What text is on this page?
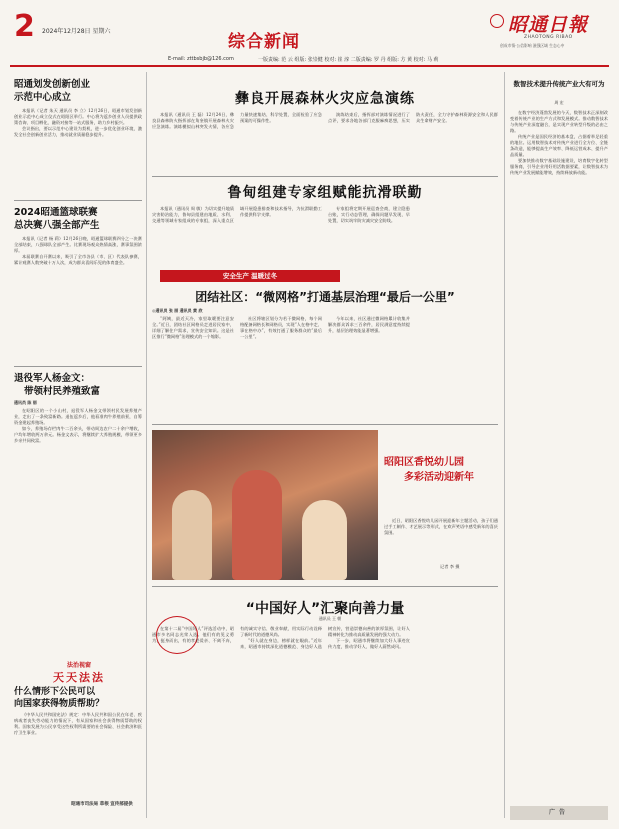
2 2024年12月28日 星期六
综合新闻
昭通日報
ZHAOTONG RIBAO
创成市情·公信影响 滋强区域 生态心中
E-mail: zttbsbjb@126.com	一版责编: 范 云 组版: 张崇健 校对: 崔 淳 二版责编: 罗 丹 组版: 方 黄 校对: 马 莉
昭通划发创新创业
示范中心成立

本报讯（记者 朱天 通讯员 李 立）12月26日，昭通市划发创新创业示范中心成立仪式在昭阳区举行。中心将为返乡创业人员提供政策咨询、项目孵化、融资对接等一站式服务，助力乡村振兴。

会议指出，要以示范中心建设为契机，进一步优化创业环境，激发全社会创新创业活力，推动就业质量稳步提升。

2024昭通篮球联赛
总决赛八强全部产生

本报讯（记者 杨 莉）12月26日晚，昭通篮球联赛四分之一决赛全部结束，八强球队全部产生。比赛现场观众热情高涨，赛事氛围浓厚。

本届联赛自开赛以来，吸引了全市各县（市、区）代表队参赛，累计观赛人数突破十万人次，成为群众喜闻乐见的体育盛会。

退役军人杨金文：
带领村民养殖致富
通讯员 陈 丽

在昭阳区的一个小山村，退役军人杨金文带领村民发展养殖产业，走出了一条致富新路。退伍返乡后，他看准肉牛养殖前景，自筹资金建起养殖场。

如今，养殖场存栏肉牛二百余头，带动周边农户二十余户增收，户均年增收两万余元。杨金文表示，将继续扩大养殖规模，带领更多乡亲共同致富。

法治视窗
天天法法
什么情形下公民可以
向国家获得物质帮助？

《中华人民共和国宪法》规定：中华人民共和国公民在年老、疾病或者丧失劳动能力的情况下，有从国家和社会获得物质帮助的权利。国家发展为公民享受这些权利所需要的社会保险、社会救济和医疗卫生事业。

昭通市司法局 草根 宣传部提供
彝良开展森林火灾应急演练

本报讯（通讯员 王 磊）12月24日，彝良县森林防火指挥部在角奎镇开展森林火灾应急演练。演练模拟山林突发火情，各应急力量快速集结、科学处置，全面检验了应急预案的可操作性。

演练结束后，指挥部对演练情况进行了点评，要求各地各部门克服麻痹思想，压实防火责任，全力守护森林资源安全和人民群众生命财产安全。

鲁甸组建专家组赋能抗滑联勤

本报讯（通讯员 周 敏）为切实提升地质灾害防治能力，鲁甸县组建由地质、水利、交通等领域专家组成的专家组，深入重点区域开展隐患排查和技术指导，为抗滑联勤工作提供科学支撑。

专家组将定期开展巡查会商，建立隐患台账，实行动态管理，确保问题早发现、早处置，切实筑牢防灾减灾安全防线。

安全生产 温暖过冬
团结社区：“微网格”打通基层治理“最后一公里”
◎通讯员 张 丽 通讯员 黄 欣

“阿姨，最近天冷，家里取暖要注意安全。”近日，团结社区网格员走进居民家中，详细了解住户需求，宣传安全知识。这是社区推行“微网格”治理模式的一个缩影。

社区将辖区划分为若干微网格，每个网格配备网格长和网格员，实现“人在格中走、事在格中办”，有效打通了服务群众的“最后一公里”。

今年以来，社区通过微网格累计收集并解决群众诉求三百余件，居民满意度持续提升，基层治理效能显著增强。

昭阳区香悦幼儿园
多彩活动迎新年

近日，昭阳区香悦幼儿园开展迎新年主题活动，孩子们通过手工制作、才艺展示等形式，在欢声笑语中感受新年的喜庆氛围。

记者 李 摄
“中国好人”汇聚向善力量
通讯员 王 朝

在第十二届“中国好人”评选活动中，昭通市多名同志光荣入选。他们有的见义勇为、挺身而出，有的孝老爱亲、不离不弃，有的诚实守信、敬业奉献，用实际行动诠释了新时代的道德风尚。

“好人就在身边，榜样就在眼前。”近年来，昭通市持续深化道德模范、身边好人选树宣传，营造崇德向善的浓厚氛围，让好人精神转化为推动高质量发展的强大动力。

下一步，昭通市将继续加大好人事迹宣传力度，推动学好人、做好人蔚然成风。

数智技术提升传统产业大有可为
周 宏

在数字经济蓬勃发展的今天，数智技术正深刻改变着传统产业的生产方式和发展模式。推动数智技术与传统产业深度融合，是实现产业转型升级的必由之路。

传统产业是国民经济的基本盘，占据着举足轻重的地位。运用数智技术对传统产业进行全方位、全链条改造，能够提高生产效率、降低运营成本、提升产品质量。

要加快推动数字基础设施建设，培育数字化转型服务商，引导企业用好用活数据要素，让数智技术为传统产业发展赋能增效，持续释放新动能。

广告
